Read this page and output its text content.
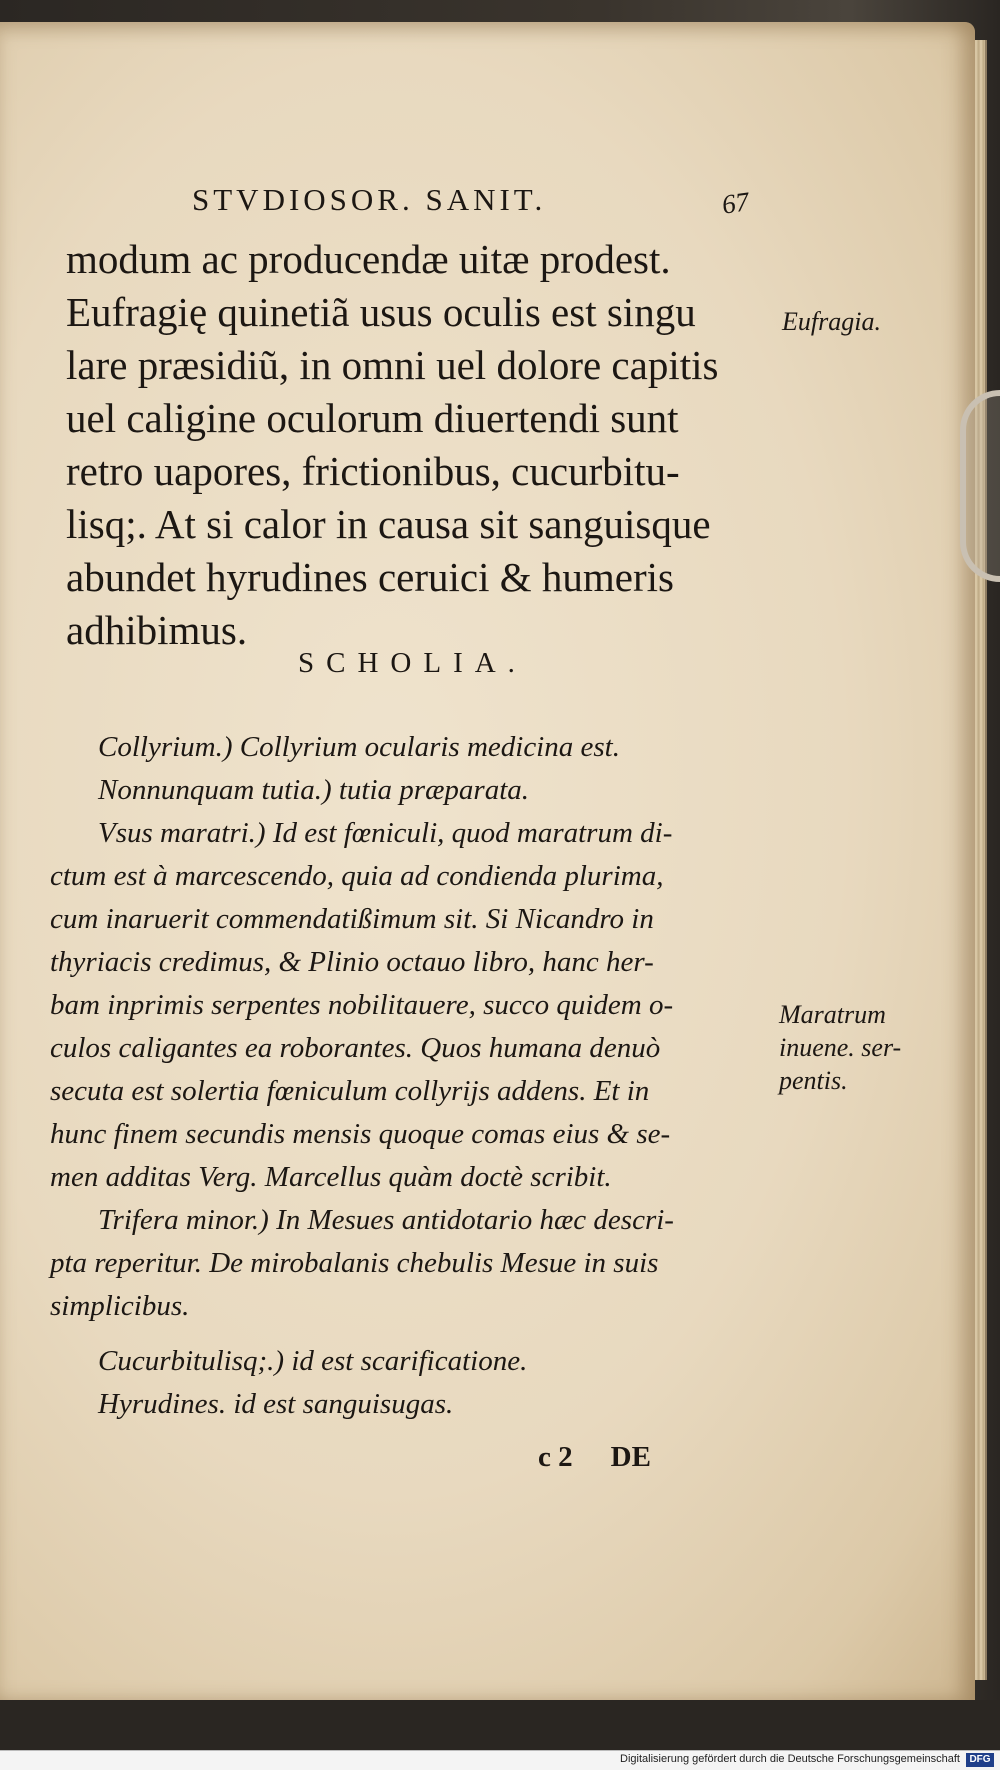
STVDIOSOR. SANIT.	67
modum ac producendæ uitæ prodest.
Eufragię quinetiã usus oculis est singu
lare præsidiũ, in omni uel dolore capitis
uel caligine oculorum diuertendi sunt
retro uapores, frictionibus, cucurbitu-
lisq;. At si calor in causa sit sanguisque
abundet hyrudines ceruici & humeris
adhibimus.
Eufragia.
SCHOLIA.
Collyrium.) Collyrium ocularis medicina est.
Nonnunquam tutia.) tutia præparata.
Vsus maratri.) Id est fœniculi, quod maratrum di-
ctum est à marcescendo, quia ad condienda plurima,
cum inaruerit commendatißimum sit. Si Nicandro in
thyriacis credimus, & Plinio octauo libro, hanc her-
bam inprimis serpentes nobilitauere, succo quidem o-
culos caligantes ea roborantes. Quos humana denuò
secuta est solertia fœniculum collyrijs addens. Et in
hunc finem secundis mensis quoque comas eius & se-
men additas Verg. Marcellus quàm doctè scribit.
Trifera minor.) In Mesues antidotario hæc descri-
pta reperitur. De mirobalanis chebulis Mesue in suis
simplicibus.
Cucurbitulisq;.) id est scarificatione.
Hyrudines. id est sanguisugas.
Maratrum
inuene. ser-
pentis.
c 2 DE
Digitalisierung gefördert durch die Deutsche Forschungsgemeinschaft DFG
